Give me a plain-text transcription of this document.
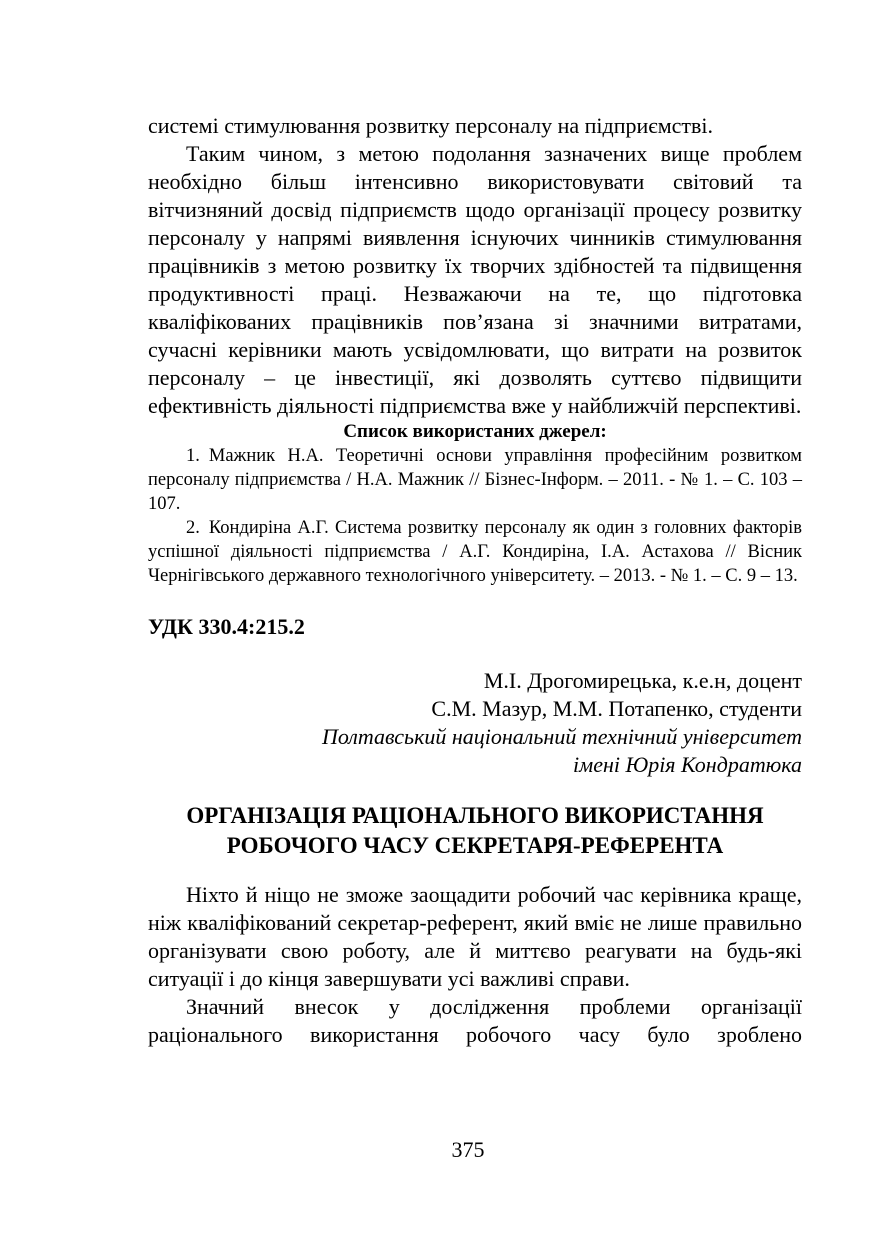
системі стимулювання розвитку персоналу на підприємстві.

Таким чином, з метою подолання зазначених вище проблем необхідно більш інтенсивно використовувати світовий та вітчизняний досвід підприємств щодо організації процесу розвитку персоналу у напрямі виявлення існуючих чинників стимулювання працівників з метою розвитку їх творчих здібностей та підвищення продуктивності праці. Незважаючи на те, що підготовка кваліфікованих працівників пов’язана зі значними витратами, сучасні керівники мають усвідомлювати, що витрати на розвиток персоналу – це інвестиції, які дозволять суттєво підвищити ефективність діяльності підприємства вже у найближчій перспективі.

Список використаних джерел:

1. Мажник Н.А. Теоретичні основи управління професійним розвитком персоналу підприємства / Н.А. Мажник // Бізнес-Інформ. – 2011. - № 1. – С. 103 – 107.

2. Кондиріна А.Г. Система розвитку персоналу як один з головних факторів успішної діяльності підприємства / А.Г. Кондиріна, І.А. Астахова // Вісник Чернігівського державного технологічного університету. – 2013. - № 1. – С. 9 – 13.

УДК 330.4:215.2
М.І. Дрогомирецька, к.е.н, доцент
С.М. Мазур, М.М. Потапенко, студенти
Полтавський національний технічний університет
імені Юрія Кондратюка
ОРГАНІЗАЦІЯ РАЦІОНАЛЬНОГО ВИКОРИСТАННЯ
РОБОЧОГО ЧАСУ СЕКРЕТАРЯ-РЕФЕРЕНТА

Ніхто й ніщо не зможе заощадити робочий час керівника краще, ніж кваліфікований секретар-референт, який вміє не лише правильно організувати свою роботу, але й миттєво реагувати на будь-які ситуації і до кінця завершувати усі важливі справи.

Значний внесок у дослідження проблеми організації раціонального використання робочого часу було зроблено

375
